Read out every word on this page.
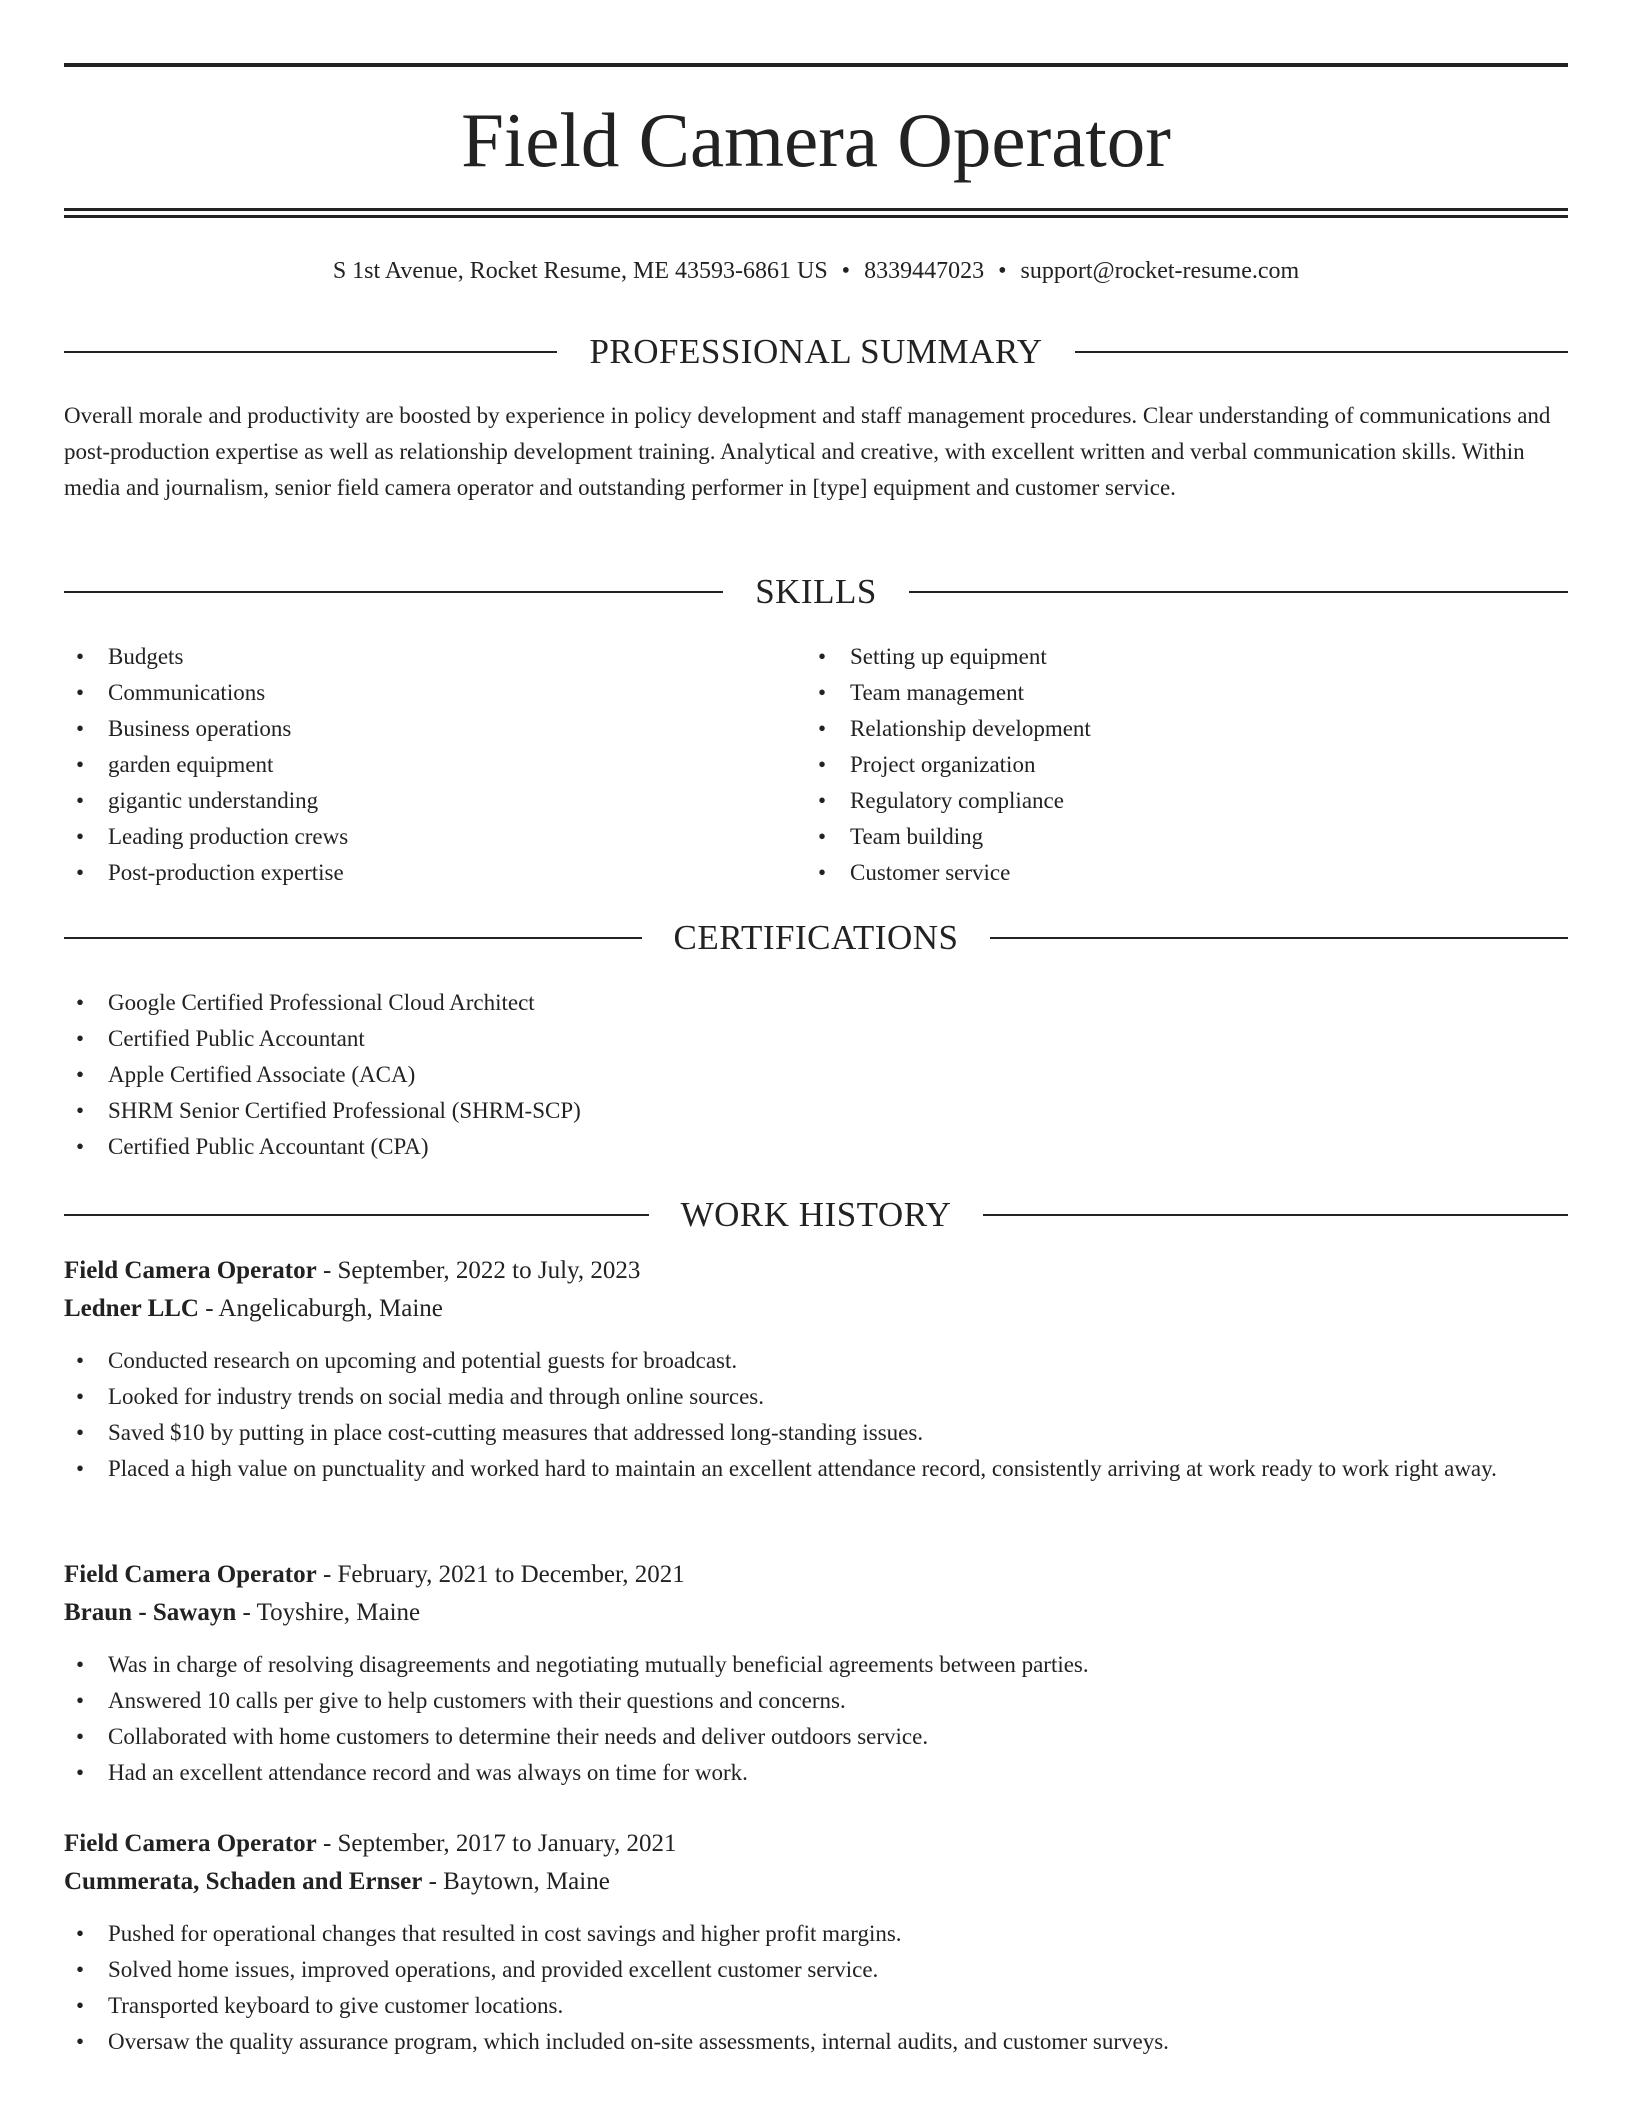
Field Camera Operator
S 1st Avenue, Rocket Resume, ME 43593-6861 US • 8339447023 • support@rocket-resume.com
PROFESSIONAL SUMMARY

Overall morale and productivity are boosted by experience in policy development and staff management procedures. Clear understanding of communications and post-production expertise as well as relationship development training. Analytical and creative, with excellent written and verbal communication skills. Within media and journalism, senior field camera operator and outstanding performer in [type] equipment and customer service.

SKILLS
• Budgets
• Communications
• Business operations
• garden equipment
• gigantic understanding
• Leading production crews
• Post-production expertise
• Setting up equipment
• Team management
• Relationship development
• Project organization
• Regulatory compliance
• Team building
• Customer service
CERTIFICATIONS
• Google Certified Professional Cloud Architect
• Certified Public Accountant
• Apple Certified Associate (ACA)
• SHRM Senior Certified Professional (SHRM-SCP)
• Certified Public Accountant (CPA)
WORK HISTORY
Field Camera Operator - September, 2022 to July, 2023
Ledner LLC - Angelicaburgh, Maine
• Conducted research on upcoming and potential guests for broadcast.
• Looked for industry trends on social media and through online sources.
• Saved $10 by putting in place cost-cutting measures that addressed long-standing issues.
• Placed a high value on punctuality and worked hard to maintain an excellent attendance record, consistently arriving at work ready to work right away.
Field Camera Operator - February, 2021 to December, 2021
Braun - Sawayn - Toyshire, Maine
• Was in charge of resolving disagreements and negotiating mutually beneficial agreements between parties.
• Answered 10 calls per give to help customers with their questions and concerns.
• Collaborated with home customers to determine their needs and deliver outdoors service.
• Had an excellent attendance record and was always on time for work.
Field Camera Operator - September, 2017 to January, 2021
Cummerata, Schaden and Ernser - Baytown, Maine
• Pushed for operational changes that resulted in cost savings and higher profit margins.
• Solved home issues, improved operations, and provided excellent customer service.
• Transported keyboard to give customer locations.
• Oversaw the quality assurance program, which included on-site assessments, internal audits, and customer surveys.
